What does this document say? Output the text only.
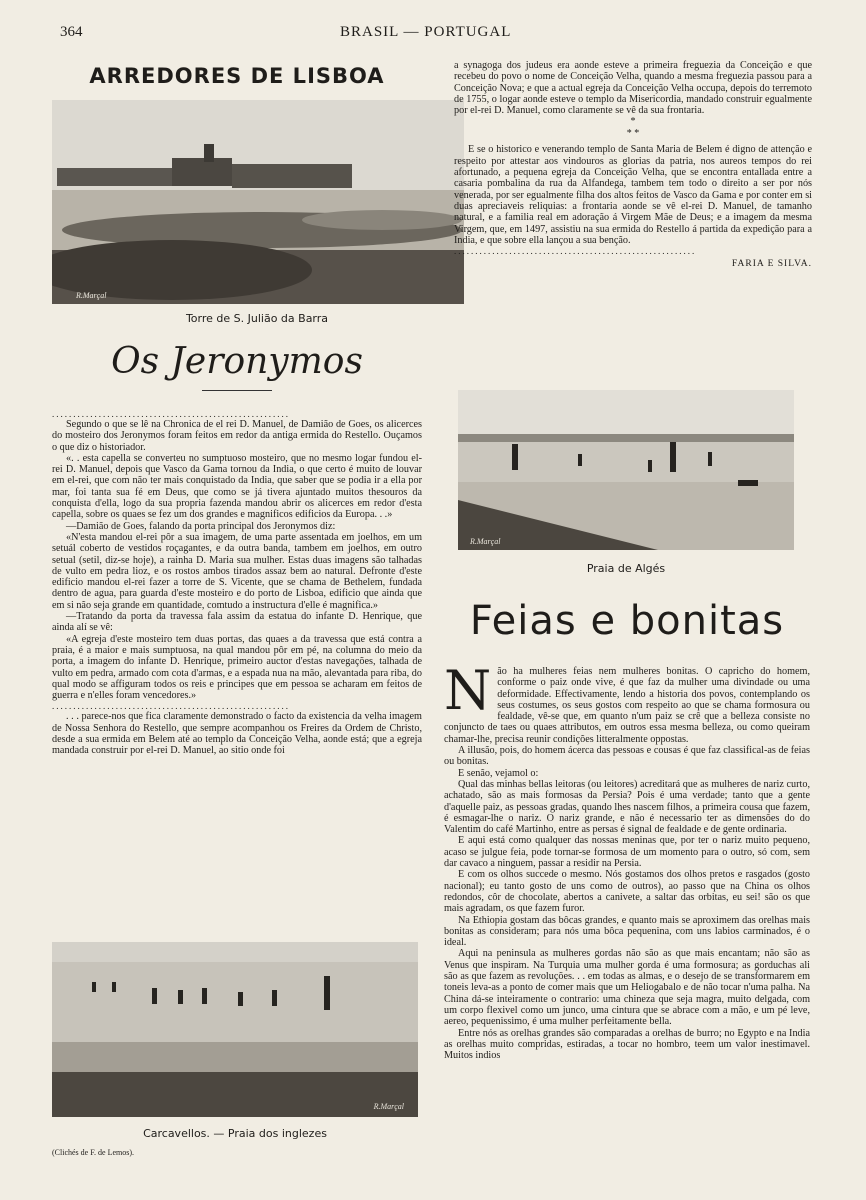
364	BRASIL — PORTUGAL
ARREDORES DE LISBOA
R.Marçal
Torre de S. Julião da Barra
Os Jeronymos
........................................................

Segundo o que se lê na Chronica de el rei D. Manuel, de Damião de Goes, os alicerces do mosteiro dos Jeronymos foram feitos em redor da antiga ermida do Restello. Ouçamos o que diz o historiador.

«. . esta capella se converteu no sumptuoso mosteiro, que no mesmo logar fundou el-rei D. Manuel, depois que Vasco da Gama tornou da India, o que certo é muito de louvar em el-rei, que com não ter mais conquistado da India, que saber que se podia ir a ella por mar, foi tanta sua fé em Deus, que como se já tivera ajuntado muitos thesouros da conquista d'ella, logo da sua propria fazenda mandou abrir os alicerces em redor d'esta capella, sobre os quaes se fez um dos grandes e magnificos edificios da Europa. . .»

—Damião de Goes, falando da porta principal dos Jeronymos diz:

«N'esta mandou el-rei pôr a sua imagem, de uma parte assentada em joelhos, em um setuál coberto de vestidos roçagantes, e da outra banda, tambem em joelhos, em outro setual (setil, diz-se hoje), a rainha D. Maria sua mulher. Estas duas imagens são talhadas de vulto em pedra lioz, e os rostos ambos tirados assaz bem ao natural. Defronte d'este edificio mandou el-rei fazer a torre de S. Vicente, que se chama de Bethelem, fundada dentro de agua, para guarda d'este mosteiro e do porto de Lisboa, edificio que ainda que em si não seja grande em quantidade, comtudo a instructura d'elle é magnifica.»

—Tratando da porta da travessa fala assim da estatua do infante D. Henrique, que ainda alí se vê:

«A egreja d'este mosteiro tem duas portas, das quaes a da travessa que está contra a praia, é a maior e mais sumptuosa, na qual mandou pôr em pé, na columna do meio da porta, a imagem do infante D. Henrique, primeiro auctor d'estas navegações, talhada de vulto em pedra, armado com cota d'armas, e a espada nua na mão, alevantada para riba, do qual modo se affiguram todos os reis e principes que em pessoa se acharam em feitos de guerra e n'elles foram vencedores.»

........................................................

. . . parece-nos que fica claramente demonstrado o facto da existencia da velha imagem de Nossa Senhora do Restello, que sempre acompanhou os Freires da Ordem de Christo, desde a sua ermida em Belem até ao templo da Conceição Velha, aonde está; que a egreja mandada construir por el-rei D. Manuel, ao sitio onde foi

R.Marçal
Carcavellos. — Praia dos inglezes
(Clichés de F. de Lemos).

a synagoga dos judeus era aonde esteve a primeira freguezia da Conceição e que recebeu do povo o nome de Conceição Velha, quando a mesma freguezia passou para a Conceição Nova; e que a actual egreja da Conceição Velha occupa, depois do terremoto de 1755, o logar aonde esteve o templo da Misericordia, mandado construir egualmente por el-rei D. Manuel, como claramente se vê da sua frontaria.

*
* *

E se o historico e venerando templo de Santa Maria de Belem é digno de attenção e respeito por attestar aos vindouros as glorias da patria, nos aureos tempos do rei afortunado, a pequena egreja da Conceição Velha, que se encontra entallada entre a casaria pombalina da rua da Alfandega, tambem tem todo o direito a ser por nós venerada, por ser egualmente filha dos altos feitos de Vasco da Gama e por conter em si duas apreciaveis reliquias: a frontaria aonde se vê el-rei D. Manuel, de tamanho natural, e a familia real em adoração á Virgem Mãe de Deus; e a imagem da mesma Virgem, que, em 1497, assistiu na sua ermida do Restello á partida da expedição para a India, e que sobre ella lançou a sua benção.

.........................................................
FARIA E SILVA.
R.Marçal
Praia de Algés
Feias e bonitas

Não ha mulheres feias nem mulheres bonitas. O capricho do homem, conforme o paiz onde vive, é que faz da mulher uma divindade ou uma deformidade. Effectivamente, lendo a historia dos povos, contemplando os seus costumes, os seus gostos com respeito ao que se chama formosura ou fealdade, vê-se que, em quanto n'um paiz se crê que a belleza consiste no conjuncto de taes ou quaes attributos, em outros essa mesma belleza, ou como queiram chamar-lhe, precisa reunir condições litteralmente oppostas.

A illusão, pois, do homem ácerca das pessoas e cousas é que faz classifical-as de feias ou bonitas.

E senão, vejamol o:

Qual das minhas bellas leitoras (ou leitores) acreditará que as mulheres de nariz curto, achatado, são as mais formosas da Persia? Pois é uma verdade; tanto que a gente d'aquelle paiz, as pessoas gradas, quando lhes nascem filhos, a primeira cousa que fazem, é esmagar-lhe o nariz. O nariz grande, e não é necessario ter as dimensões do do Valentim do café Martinho, entre as persas é signal de fealdade e de gente ordinaria.

E aqui está como qualquer das nossas meninas que, por ter o nariz muito pequeno, acaso se julgue feia, pode tornar-se formosa de um momento para o outro, só com, sem dar cavaco a ninguem, passar a residir na Persia.

E com os olhos succede o mesmo. Nós gostamos dos olhos pretos e rasgados (gosto nacional); eu tanto gosto de uns como de outros), ao passo que na China os olhos redondos, côr de chocolate, abertos a canivete, a saltar das orbitas, eu sei! são os que mais agradam, os que fazem furor.

Na Ethiopia gostam das bôcas grandes, e quanto mais se aproximem das orelhas mais bonitas as consideram; para nós uma bôca pequenina, com uns labios carminados, é o ideal.

Aqui na peninsula as mulheres gordas não são as que mais encantam; não são as Venus que inspiram. Na Turquia uma mulher gorda é uma formosura; as gorduchas ali são as que fazem as revoluções. . . em todas as almas, e o desejo de se transformarem em toneis leva-as a ponto de comer mais que um Heliogabalo e de não tocar n'uma palha. Na China dá-se inteiramente o contrario: uma chineza que seja magra, muito delgada, com um corpo flexivel como um junco, uma cintura que se abrace com a mão, e um pé leve, aereo, pequenissimo, é uma mulher perfeitamente bella.

Entre nós as orelhas grandes são comparadas a orelhas de burro; no Egypto e na India as orelhas muito compridas, estiradas, a tocar no hombro, teem um valor inestimavel. Muitos indios
